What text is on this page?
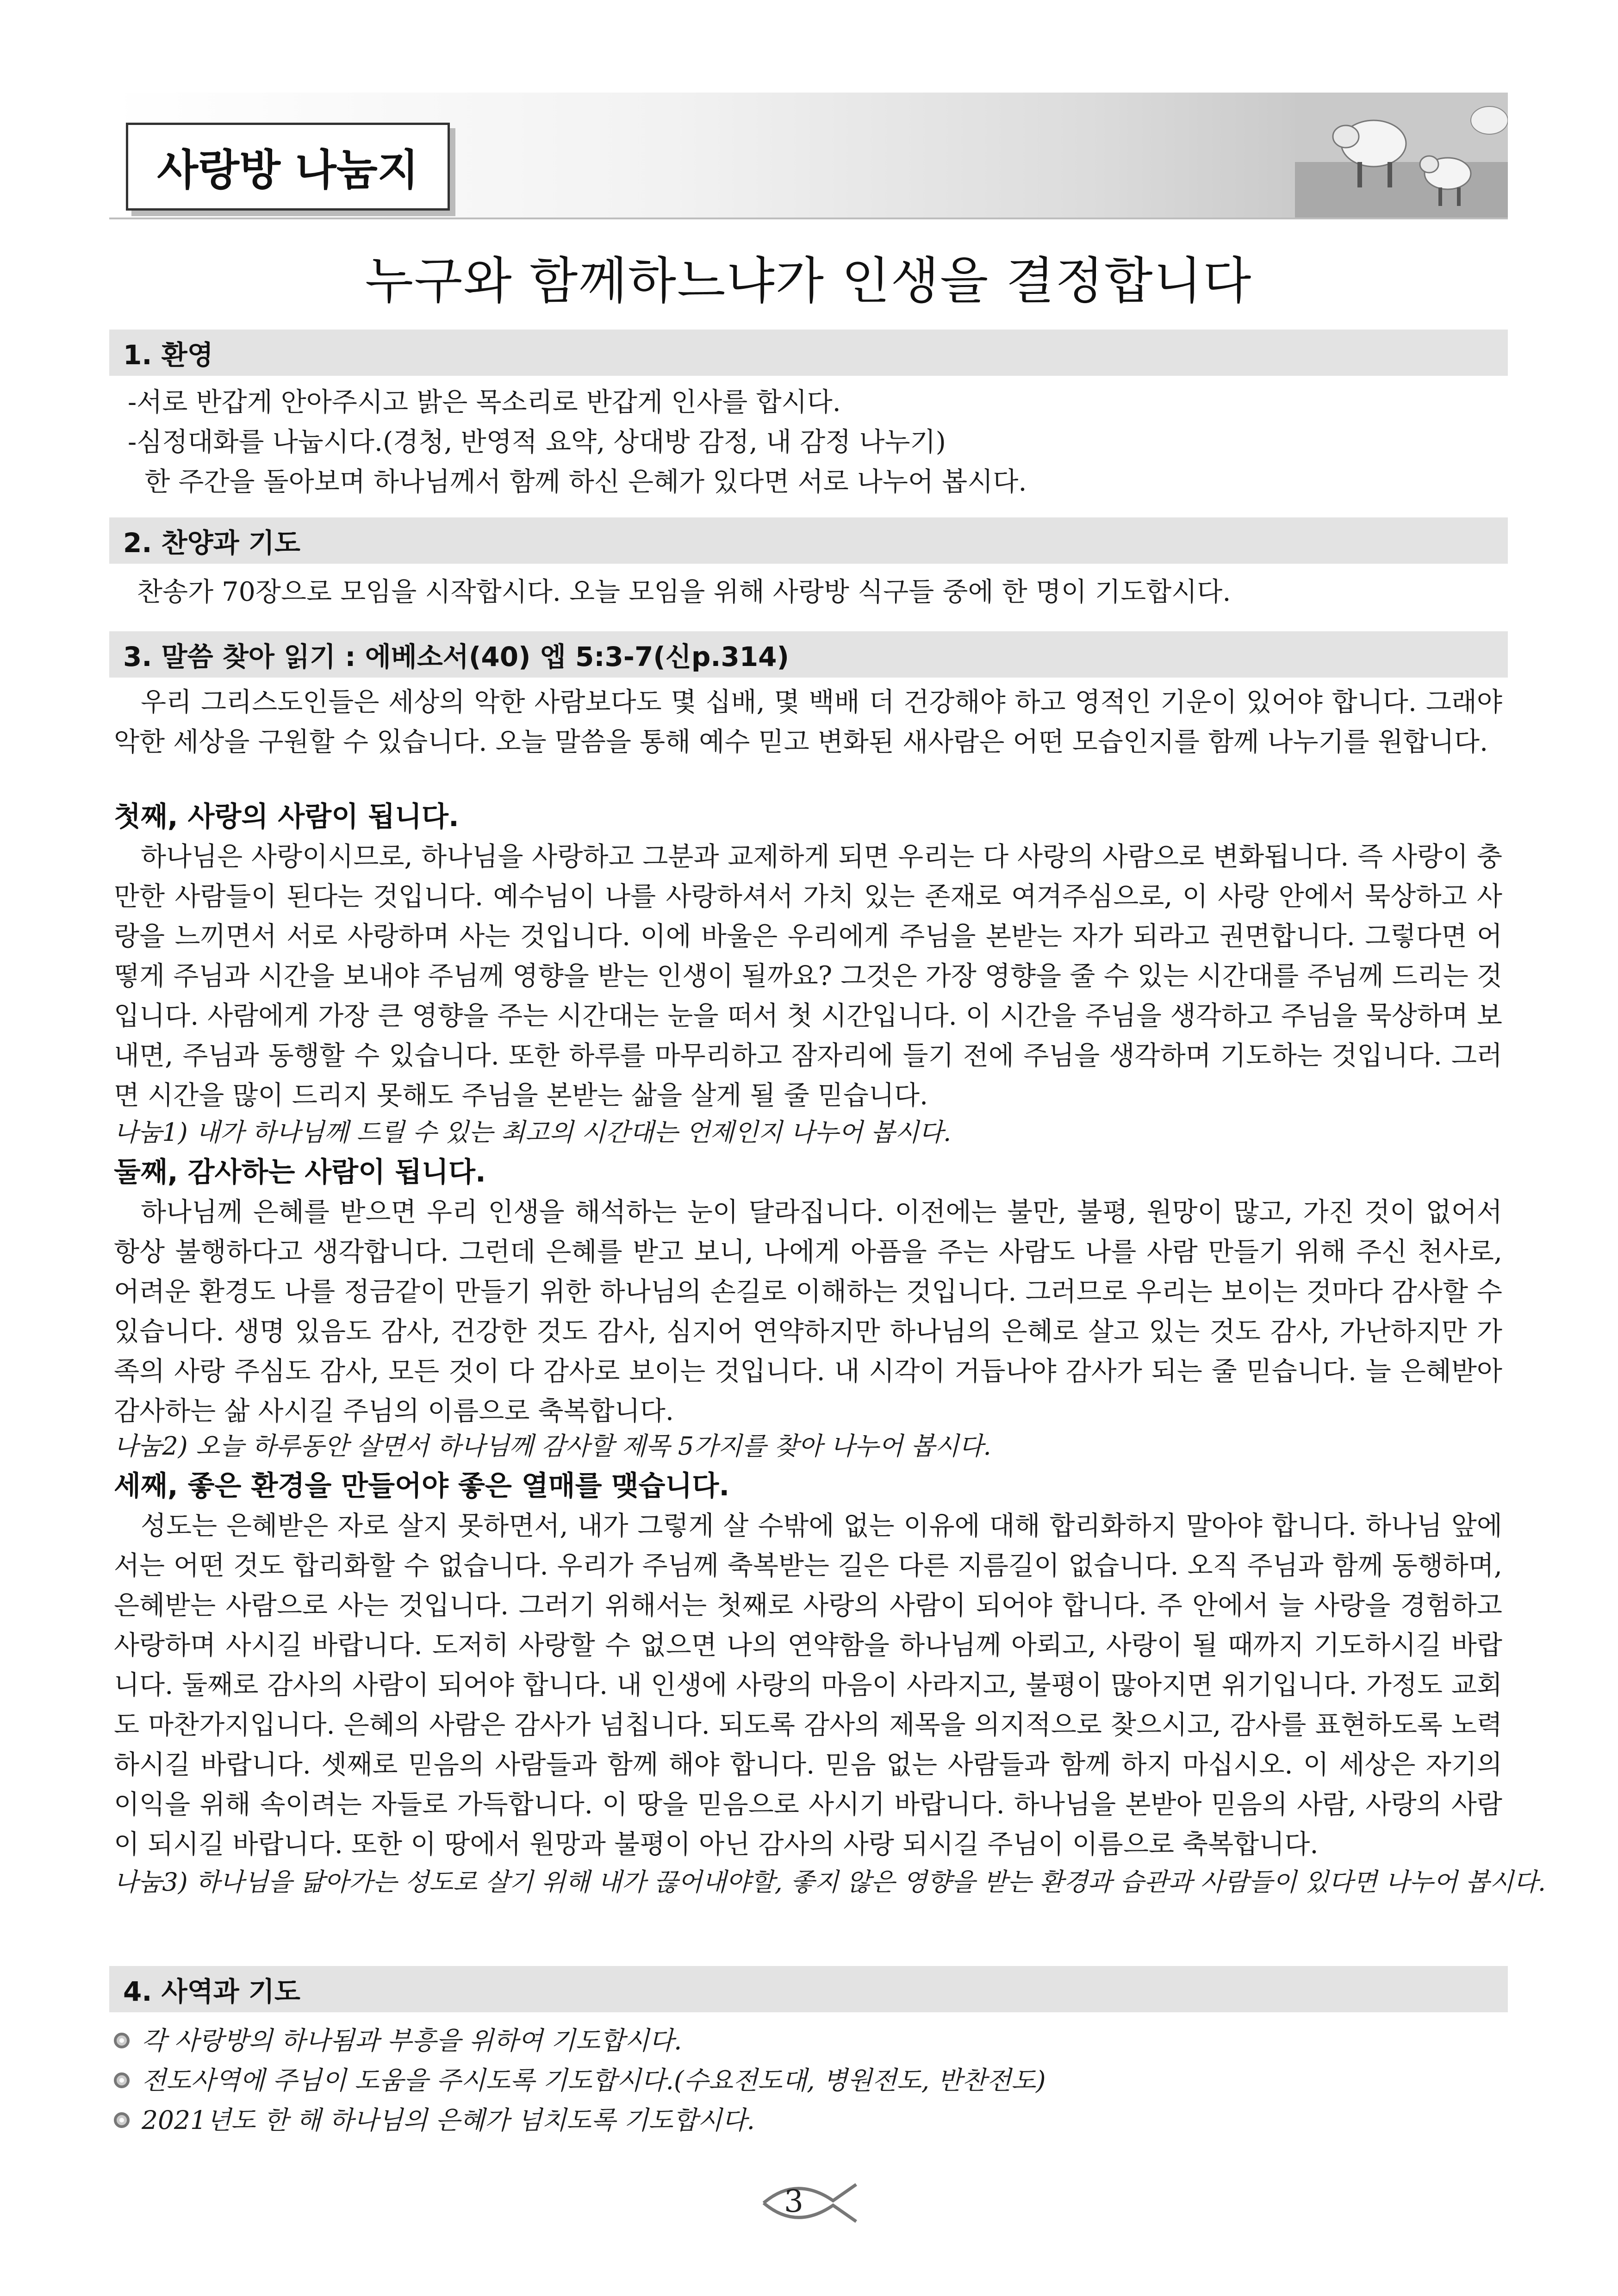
사랑방 나눔지
누구와 함께하느냐가 인생을 결정합니다
1. 환영
-서로 반갑게 안아주시고 밝은 목소리로 반갑게 인사를 합시다.
-심정대화를 나눕시다.(경청, 반영적 요약, 상대방 감정, 내 감정 나누기)
한 주간을 돌아보며 하나님께서 함께 하신 은혜가 있다면 서로 나누어 봅시다.
2. 찬양과 기도
찬송가 70장으로 모임을 시작합시다. 오늘 모임을 위해 사랑방 식구들 중에 한 명이 기도합시다.
3. 말씀 찾아 읽기 : 에베소서(40) 엡 5:3-7(신p.314)

우리 그리스도인들은 세상의 악한 사람보다도 몇 십배, 몇 백배 더 건강해야 하고 영적인 기운이 있어야 합니다. 그래야 악한 세상을 구원할 수 있습니다. 오늘 말씀을 통해 예수 믿고 변화된 새사람은 어떤 모습인지를 함께 나누기를 원합니다.

첫째, 사랑의 사람이 됩니다.

하나님은 사랑이시므로, 하나님을 사랑하고 그분과 교제하게 되면 우리는 다 사랑의 사람으로 변화됩니다. 즉 사랑이 충만한 사람들이 된다는 것입니다. 예수님이 나를 사랑하셔서 가치 있는 존재로 여겨주심으로, 이 사랑 안에서 묵상하고 사랑을 느끼면서 서로 사랑하며 사는 것입니다. 이에 바울은 우리에게 주님을 본받는 자가 되라고 권면합니다. 그렇다면 어떻게 주님과 시간을 보내야 주님께 영향을 받는 인생이 될까요? 그것은 가장 영향을 줄 수 있는 시간대를 주님께 드리는 것입니다. 사람에게 가장 큰 영향을 주는 시간대는 눈을 떠서 첫 시간입니다. 이 시간을 주님을 생각하고 주님을 묵상하며 보내면, 주님과 동행할 수 있습니다. 또한 하루를 마무리하고 잠자리에 들기 전에 주님을 생각하며 기도하는 것입니다. 그러면 시간을 많이 드리지 못해도 주님을 본받는 삶을 살게 될 줄 믿습니다.

나눔1) 내가 하나님께 드릴 수 있는 최고의 시간대는 언제인지 나누어 봅시다.
둘째, 감사하는 사람이 됩니다.

하나님께 은혜를 받으면 우리 인생을 해석하는 눈이 달라집니다. 이전에는 불만, 불평, 원망이 많고, 가진 것이 없어서 항상 불행하다고 생각합니다. 그런데 은혜를 받고 보니, 나에게 아픔을 주는 사람도 나를 사람 만들기 위해 주신 천사로, 어려운 환경도 나를 정금같이 만들기 위한 하나님의 손길로 이해하는 것입니다. 그러므로 우리는 보이는 것마다 감사할 수 있습니다. 생명 있음도 감사, 건강한 것도 감사, 심지어 연약하지만 하나님의 은혜로 살고 있는 것도 감사, 가난하지만 가족의 사랑 주심도 감사, 모든 것이 다 감사로 보이는 것입니다. 내 시각이 거듭나야 감사가 되는 줄 믿습니다. 늘 은혜받아 감사하는 삶 사시길 주님의 이름으로 축복합니다.

나눔2) 오늘 하루동안 살면서 하나님께 감사할 제목 5가지를 찾아 나누어 봅시다.
세째, 좋은 환경을 만들어야 좋은 열매를 맺습니다.

성도는 은혜받은 자로 살지 못하면서, 내가 그렇게 살 수밖에 없는 이유에 대해 합리화하지 말아야 합니다. 하나님 앞에서는 어떤 것도 합리화할 수 없습니다. 우리가 주님께 축복받는 길은 다른 지름길이 없습니다. 오직 주님과 함께 동행하며, 은혜받는 사람으로 사는 것입니다. 그러기 위해서는 첫째로 사랑의 사람이 되어야 합니다. 주 안에서 늘 사랑을 경험하고 사랑하며 사시길 바랍니다. 도저히 사랑할 수 없으면 나의 연약함을 하나님께 아뢰고, 사랑이 될 때까지 기도하시길 바랍니다. 둘째로 감사의 사람이 되어야 합니다. 내 인생에 사랑의 마음이 사라지고, 불평이 많아지면 위기입니다. 가정도 교회도 마찬가지입니다. 은혜의 사람은 감사가 넘칩니다. 되도록 감사의 제목을 의지적으로 찾으시고, 감사를 표현하도록 노력하시길 바랍니다. 셋째로 믿음의 사람들과 함께 해야 합니다. 믿음 없는 사람들과 함께 하지 마십시오. 이 세상은 자기의 이익을 위해 속이려는 자들로 가득합니다. 이 땅을 믿음으로 사시기 바랍니다. 하나님을 본받아 믿음의 사람, 사랑의 사람이 되시길 바랍니다. 또한 이 땅에서 원망과 불평이 아닌 감사의 사랑 되시길 주님이 이름으로 축복합니다.

나눔3) 하나님을 닮아가는 성도로 살기 위해 내가 끊어내야할, 좋지 않은 영향을 받는 환경과 습관과 사람들이 있다면 나누어 봅시다.
4. 사역과 기도
각 사랑방의 하나됨과 부흥을 위하여 기도합시다.
전도사역에 주님이 도움을 주시도록 기도합시다.(수요전도대, 병원전도, 반찬전도)
2021년도 한 해 하나님의 은혜가 넘치도록 기도합시다.
3
